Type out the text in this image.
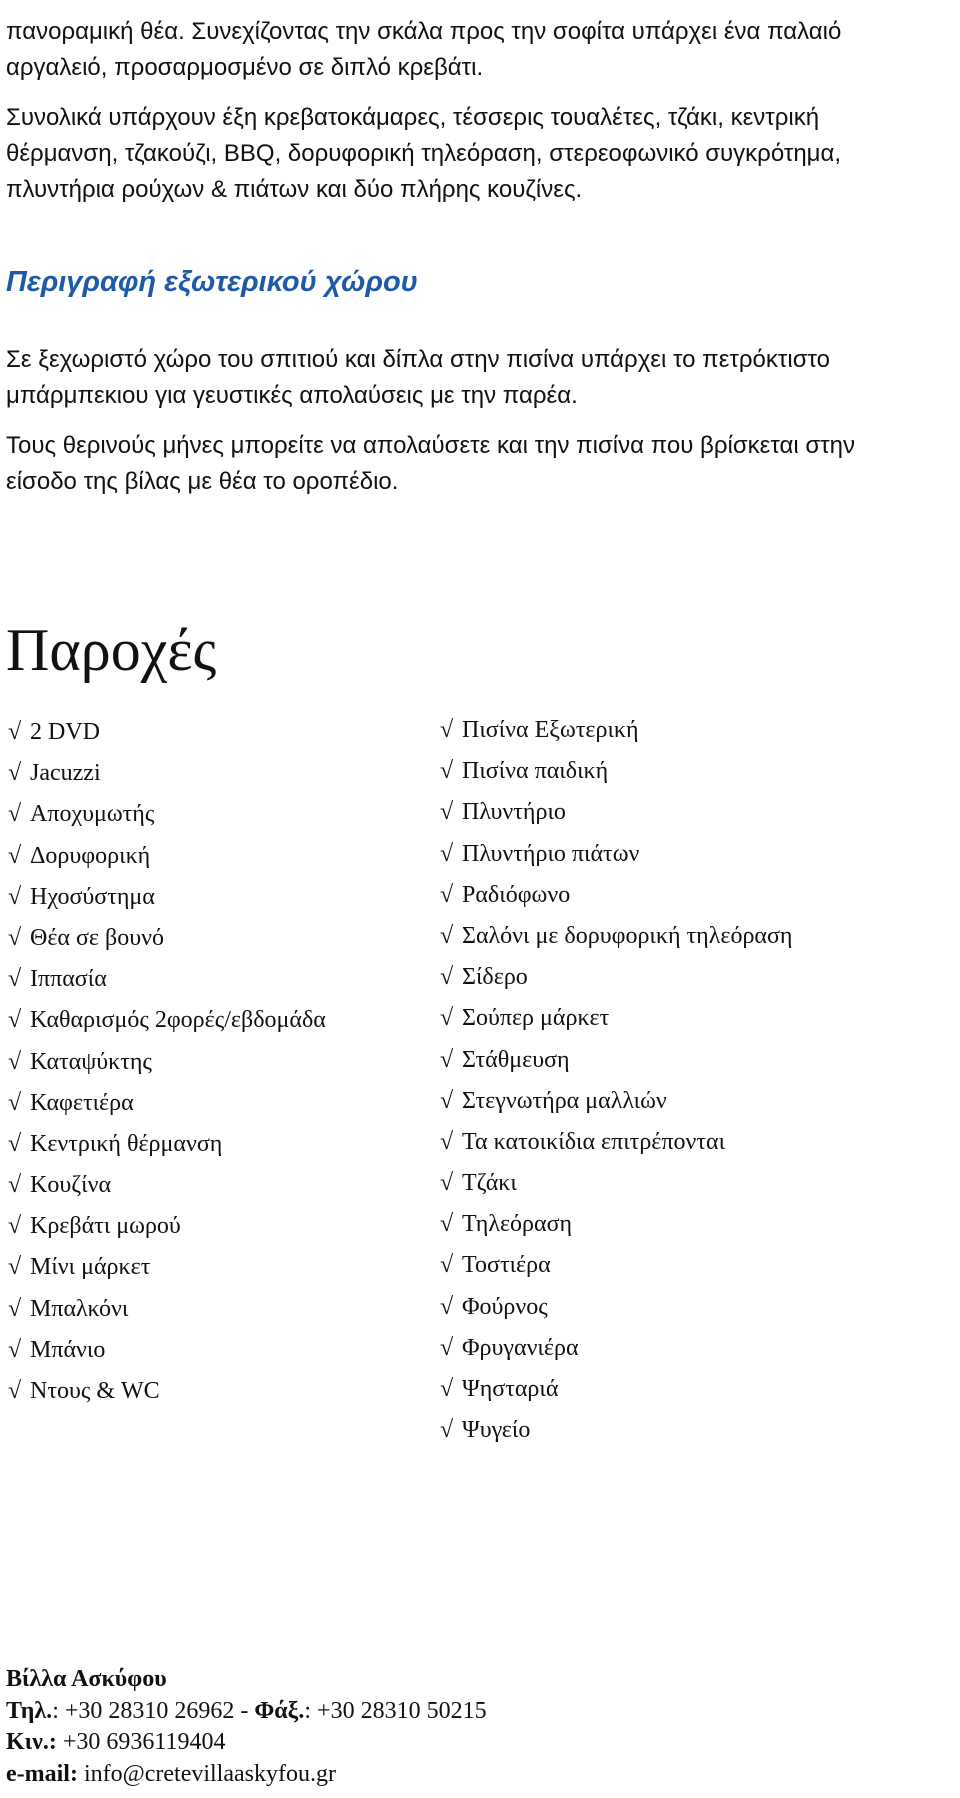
πανοραμική θέα. Συνεχίζοντας την σκάλα προς την σοφίτα υπάρχει ένα παλαιό

αργαλειό, προσαρμοσμένο σε διπλό κρεβάτι.

Συνολικά υπάρχουν έξη κρεβατοκάμαρες, τέσσερις τουαλέτες, τζάκι, κεντρική

θέρμανση, τζακούζι, BBQ, δορυφορική τηλεόραση, στερεοφωνικό συγκρότημα,

πλυντήρια ρούχων & πιάτων και δύο πλήρης κουζίνες.

Περιγραφή εξωτερικού χώρου

Σε ξεχωριστό χώρο του σπιτιού και δίπλα στην πισίνα υπάρχει το πετρόκτιστο

μπάρμπεκιου για γευστικές απολαύσεις με την παρέα.

Τους θερινούς μήνες μπορείτε να απολαύσετε και την πισίνα που βρίσκεται στην

είσοδο της βίλας με θέα το οροπέδιο.

Παροχές
√ 2 DVD
√ Jacuzzi
√ Αποχυμωτής
√ Δορυφορική
√ Ηχοσύστημα
√ Θέα σε βουνό
√ Ιππασία
√ Καθαρισμός 2φορές/εβδομάδα
√ Καταψύκτης
√ Καφετιέρα
√ Κεντρική θέρμανση
√ Κουζίνα
√ Κρεβάτι μωρού
√ Μίνι μάρκετ
√ Μπαλκόνι
√ Μπάνιο
√ Ντους & WC
√ Πισίνα Εξωτερική
√ Πισίνα παιδική
√ Πλυντήριο
√ Πλυντήριο πιάτων
√ Ραδιόφωνο
√ Σαλόνι με δορυφορική τηλεόραση
√ Σίδερο
√ Σούπερ μάρκετ
√ Στάθμευση
√ Στεγνωτήρα μαλλιών
√ Τα κατοικίδια επιτρέπονται
√ Τζάκι
√ Τηλεόραση
√ Τοστιέρα
√ Φούρνος
√ Φρυγανιέρα
√ Ψησταριά
√ Ψυγείο
Βίλλα Ασκύφου
Τηλ.: +30 28310 26962 - Φάξ.: +30 28310 50215
Κιν.: +30 6936119404
e-mail: info@cretevillaaskyfou.gr
